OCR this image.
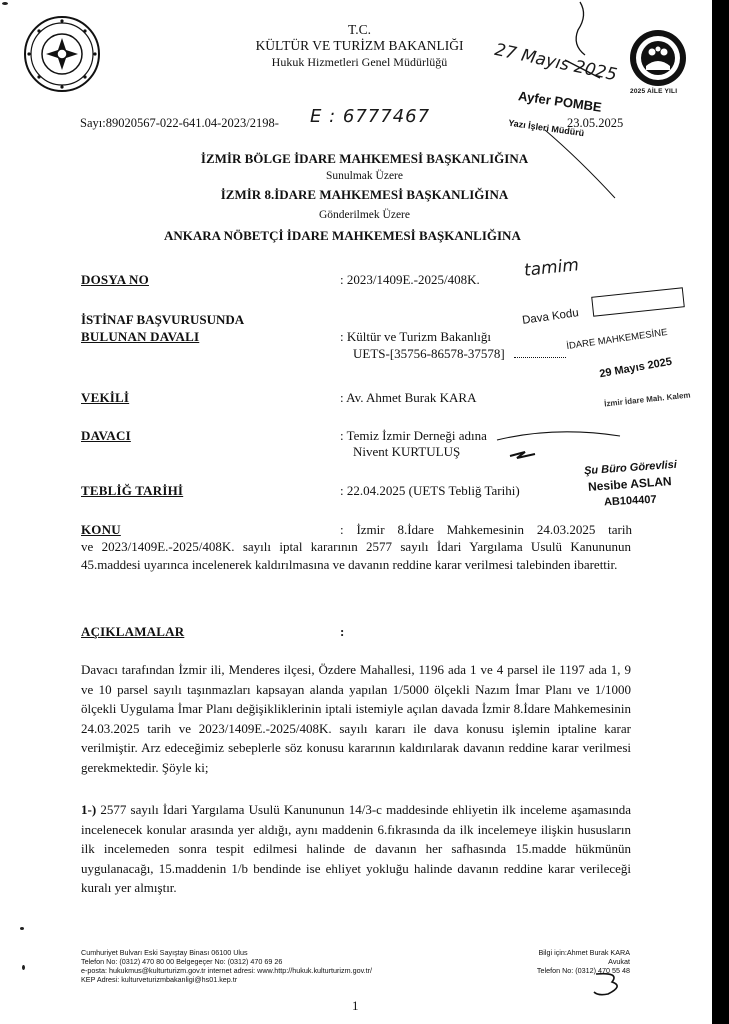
2025 AİLE YILI
T.C.
KÜLTÜR VE TURİZM BAKANLIĞI
Hukuk Hizmetleri Genel Müdürlüğü	27 Mayıs 2025
Sayı:89020567-022-641.04-2023/2198- E : 6777467	23.05.2025
Ayfer POMBE
Yazı İşleri Müdürü
İZMİR BÖLGE İDARE MAHKEMESİ BAŞKANLIĞINA
Sunulmak Üzere
İZMİR 8.İDARE MAHKEMESİ BAŞKANLIĞINA
Gönderilmek Üzere
ANKARA NÖBETÇİ İDARE MAHKEMESİ BAŞKANLIĞINA
DOSYA NO	: 2023/1409E.-2025/408K.	tamim
Dava Kodu
İSTİNAF BAŞVURUSUNDA
BULUNAN DAVALI	: Kültür ve Turizm Bakanlığı
UETS-[35756-86578-37578]
İDARE MAHKEMESİNE
29 Mayıs 2025
VEKİLİ	: Av. Ahmet Burak KARA	İzmir İdare Mah. Kalem
DAVACI	: Temiz İzmir Derneği adına
Nivent KURTULUŞ
TEBLİĞ TARİHİ	: 22.04.2025 (UETS Tebliğ Tarihi)
Şu Büro Görevlisi
Nesibe ASLAN
AB104407
KONU	: İzmir 8.İdare Mahkemesinin 24.03.2025 tarih
ve 2023/1409E.-2025/408K. sayılı iptal kararının 2577 sayılı İdari Yargılama Usulü Kanununun 45.maddesi uyarınca incelenerek kaldırılmasına ve davanın reddine karar verilmesi talebinden ibarettir.
AÇIKLAMALAR	:
Davacı tarafından İzmir ili, Menderes ilçesi, Özdere Mahallesi, 1196 ada 1 ve 4 parsel ile 1197 ada 1, 9 ve 10 parsel sayılı taşınmazları kapsayan alanda yapılan 1/5000 ölçekli Nazım İmar Planı ve 1/1000 ölçekli Uygulama İmar Planı değişikliklerinin iptali istemiyle açılan davada İzmir 8.İdare Mahkemesinin 24.03.2025 tarih ve 2023/1409E.-2025/408K. sayılı kararı ile dava konusu işlemin iptaline karar verilmiştir. Arz edeceğimiz sebeplerle söz konusu kararının kaldırılarak davanın reddine karar verilmesi gerekmektedir. Şöyle ki;
1-) 2577 sayılı İdari Yargılama Usulü Kanununun 14/3-c maddesinde ehliyetin ilk inceleme aşamasında incelenecek konular arasında yer aldığı, aynı maddenin 6.fıkrasında da ilk incelemeye ilişkin hususların ilk incelemeden sonra tespit edilmesi halinde de davanın her safhasında 15.madde hükmünün uygulanacağı, 15.maddenin 1/b bendinde ise ehliyet yokluğu halinde davanın reddine karar verileceği kuralı yer almıştır.
Cumhuriyet Bulvarı Eski Sayıştay Binası 06100 Ulus
Telefon No: (0312) 470 80 00 Belgegeçer No: (0312) 470 69 26
e-posta: hukukmus@kulturturizm.gov.tr internet adresi: www.http://hukuk.kulturturizm.gov.tr/
KEP Adresi: kulturveturizmbakanligi@hs01.kep.tr
Bilgi için:Ahmet Burak KARA
Avukat
Telefon No: (0312) 470 55 48
1
